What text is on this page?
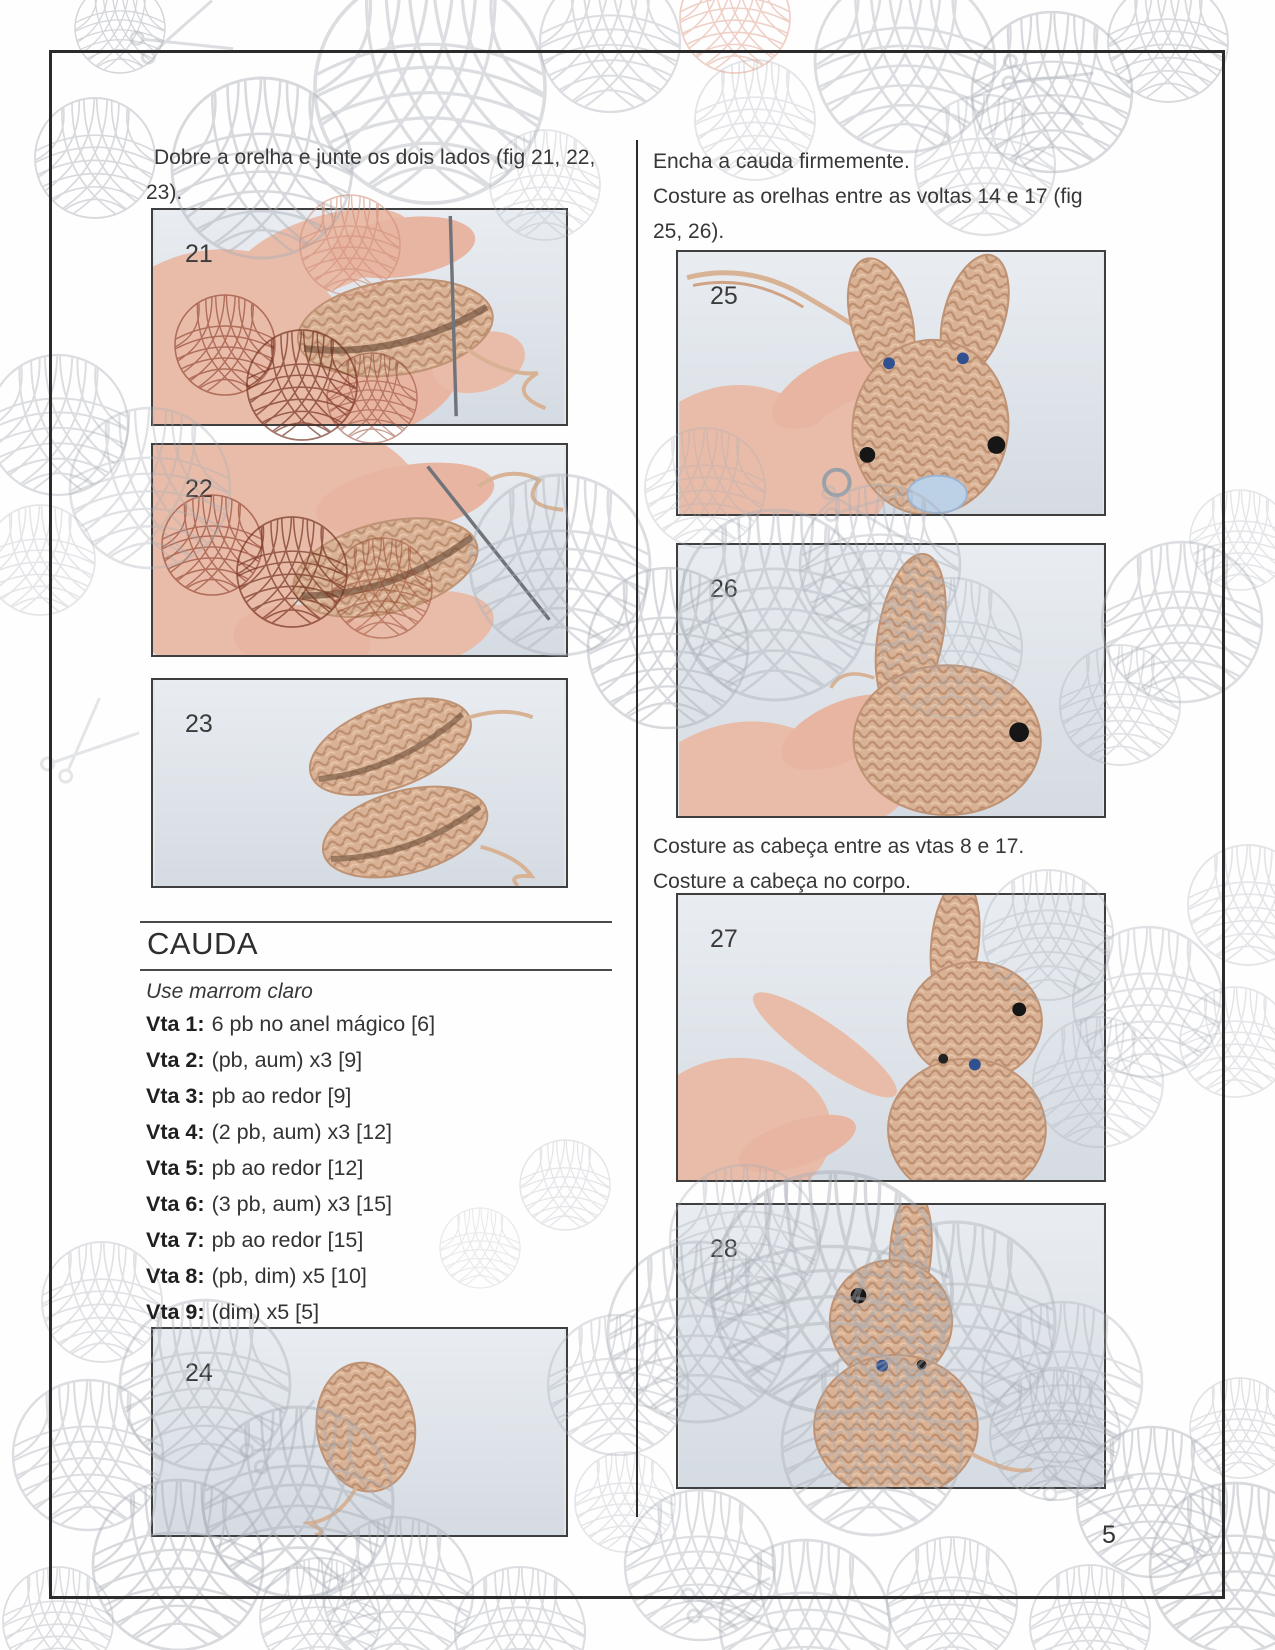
Dobre a orelha e junte os dois lados (fig 21, 22, 23).
21
22
23
CAUDA
Use marrom claro
Vta 1: 6 pb no anel mágico [6]
Vta 2: (pb, aum) x3 [9]
Vta 3: pb ao redor [9]
Vta 4: (2 pb, aum) x3 [12]
Vta 5: pb ao redor [12]
Vta 6: (3 pb, aum) x3 [15]
Vta 7: pb ao redor [15]
Vta 8: (pb, dim) x5 [10]
Vta 9: (dim) x5 [5]
24
Encha a cauda firmemente.
Costure as orelhas entre as voltas 14 e 17 (fig 25, 26).
25
26
Costure as cabeça entre as vtas 8 e 17.
Costure a cabeça no corpo.
27
28
5
